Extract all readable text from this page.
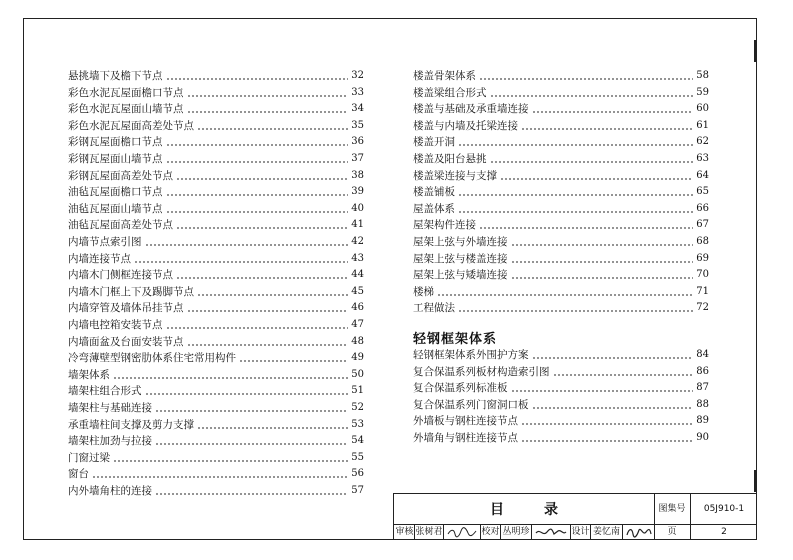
悬挑墙下及檐下节点	32
彩色水泥瓦屋面檐口节点	33
彩色水泥瓦屋面山墙节点	34
彩色水泥瓦屋面高差处节点	35
彩钢瓦屋面檐口节点	36
彩钢瓦屋面山墙节点	37
彩钢瓦屋面高差处节点	38
油毡瓦屋面檐口节点	39
油毡瓦屋面山墙节点	40
油毡瓦屋面高差处节点	41
内墙节点索引图	42
内墙连接节点	43
内墙木门侧框连接节点	44
内墙木门框上下及踢脚节点	45
内墙穿管及墙体吊挂节点	46
内墙电控箱安装节点	47
内墙面盆及台面安装节点	48
冷弯薄壁型钢密肋体系住宅常用构件	49
墙架体系	50
墙架柱组合形式	51
墙架柱与基础连接	52
承重墙柱间支撑及剪力支撑	53
墙架柱加劲与拉接	54
门窗过梁	55
窗台	56
内外墙角柱的连接	57
楼盖骨架体系	58
楼盖梁组合形式	59
楼盖与基础及承重墙连接	60
楼盖与内墙及托梁连接	61
楼盖开洞	62
楼盖及阳台悬挑	63
楼盖梁连接与支撑	64
楼盖铺板	65
屋盖体系	66
屋架构件连接	67
屋架上弦与外墙连接	68
屋架上弦与楼盖连接	69
屋架上弦与矮墙连接	70
楼梯	71
工程做法	72
轻钢框架体系
轻钢框架体系外围护方案	84
复合保温系列板材构造索引图	86
复合保温系列标准板	87
复合保温系列门窗洞口板	88
外墙板与钢柱连接节点	89
外墙角与钢柱连接节点	90
目	录	图集号	05J910-1
页	2
审核 张树君	校对 丛明珍	设计 姜忆南
